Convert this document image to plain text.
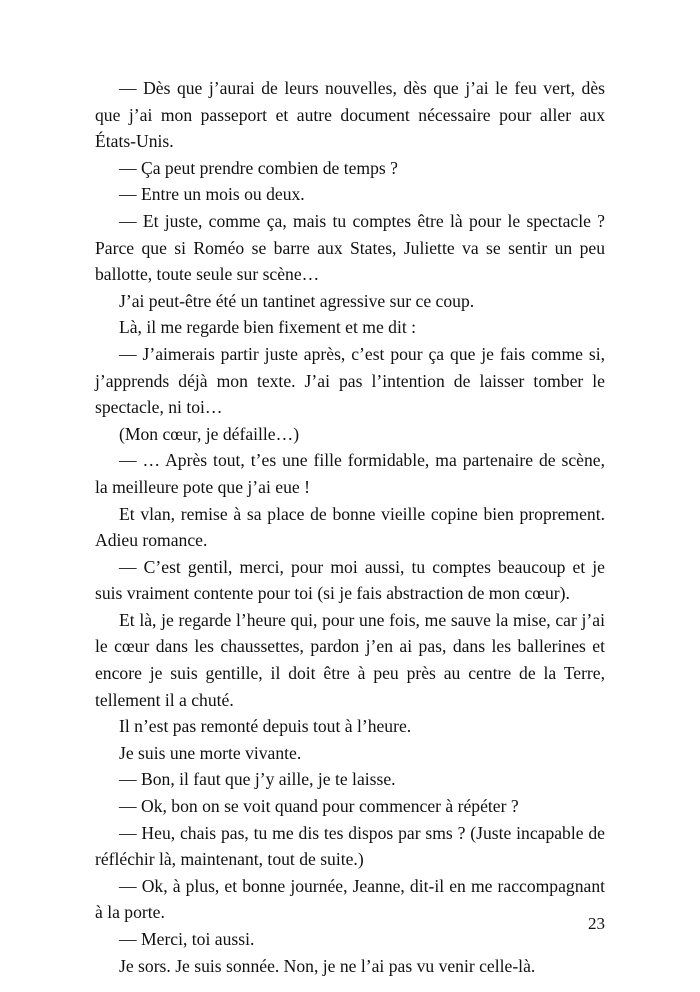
— Dès que j’aurai de leurs nouvelles, dès que j’ai le feu vert, dès que j’ai mon passeport et autre document nécessaire pour aller aux États-Unis.

— Ça peut prendre combien de temps ?

— Entre un mois ou deux.

— Et juste, comme ça, mais tu comptes être là pour le spectacle ? Parce que si Roméo se barre aux States, Juliette va se sentir un peu ballotte, toute seule sur scène…

J’ai peut-être été un tantinet agressive sur ce coup.

Là, il me regarde bien fixement et me dit :

— J’aimerais partir juste après, c’est pour ça que je fais comme si, j’apprends déjà mon texte. J’ai pas l’intention de laisser tomber le spectacle, ni toi…

(Mon cœur, je défaille…)

— … Après tout, t’es une fille formidable, ma partenaire de scène, la meilleure pote que j’ai eue !

Et vlan, remise à sa place de bonne vieille copine bien proprement. Adieu romance.

— C’est gentil, merci, pour moi aussi, tu comptes beaucoup et je suis vraiment contente pour toi (si je fais abstraction de mon cœur).

Et là, je regarde l’heure qui, pour une fois, me sauve la mise, car j’ai le cœur dans les chaussettes, pardon j’en ai pas, dans les ballerines et encore je suis gentille, il doit être à peu près au centre de la Terre, tellement il a chuté.

Il n’est pas remonté depuis tout à l’heure.

Je suis une morte vivante.

— Bon, il faut que j’y aille, je te laisse.

— Ok, bon on se voit quand pour commencer à répéter ?

— Heu, chais pas, tu me dis tes dispos par sms ? (Juste incapable de réfléchir là, maintenant, tout de suite.)

— Ok, à plus, et bonne journée, Jeanne, dit-il en me raccompagnant à la porte.

— Merci, toi aussi.

Je sors. Je suis sonnée. Non, je ne l’ai pas vu venir celle-là.

23
